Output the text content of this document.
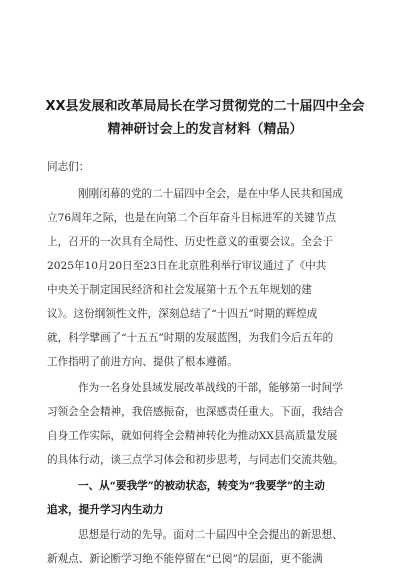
XX县发展和改革局局长在学习贯彻党的二十届四中全会
精神研讨会上的发言材料（精品）
同志们：
刚刚闭幕的党的二十届四中全会，是在中华人民共和国成
立76周年之际，也是在向第二个百年奋斗目标进军的关键节点
上，召开的一次具有全局性、历史性意义的重要会议。全会于
2025年10月20日至23日在北京胜利举行审议通过了《中共
中央关于制定国民经济和社会发展第十五个五年规划的建
议》。这份纲领性文件，深刻总结了“十四五”时期的辉煌成
就，科学擘画了“十五五”时期的发展蓝图，为我们今后五年的
工作指明了前进方向、提供了根本遵循。
作为一名身处县域发展改革战线的干部，能够第一时间学
习领会全会精神，我倍感振奋，也深感责任重大。下面，我结合
自身工作实际，就如何将全会精神转化为推动XX县高质量发展
的具体行动，谈三点学习体会和初步思考，与同志们交流共勉。
一、从“要我学”的被动状态，转变为“我要学”的主动
追求，提升学习内生动力
思想是行动的先导。面对二十届四中全会提出的新思想、
新观点、新论断学习绝不能停留在“已阅”的层面，更不能满
